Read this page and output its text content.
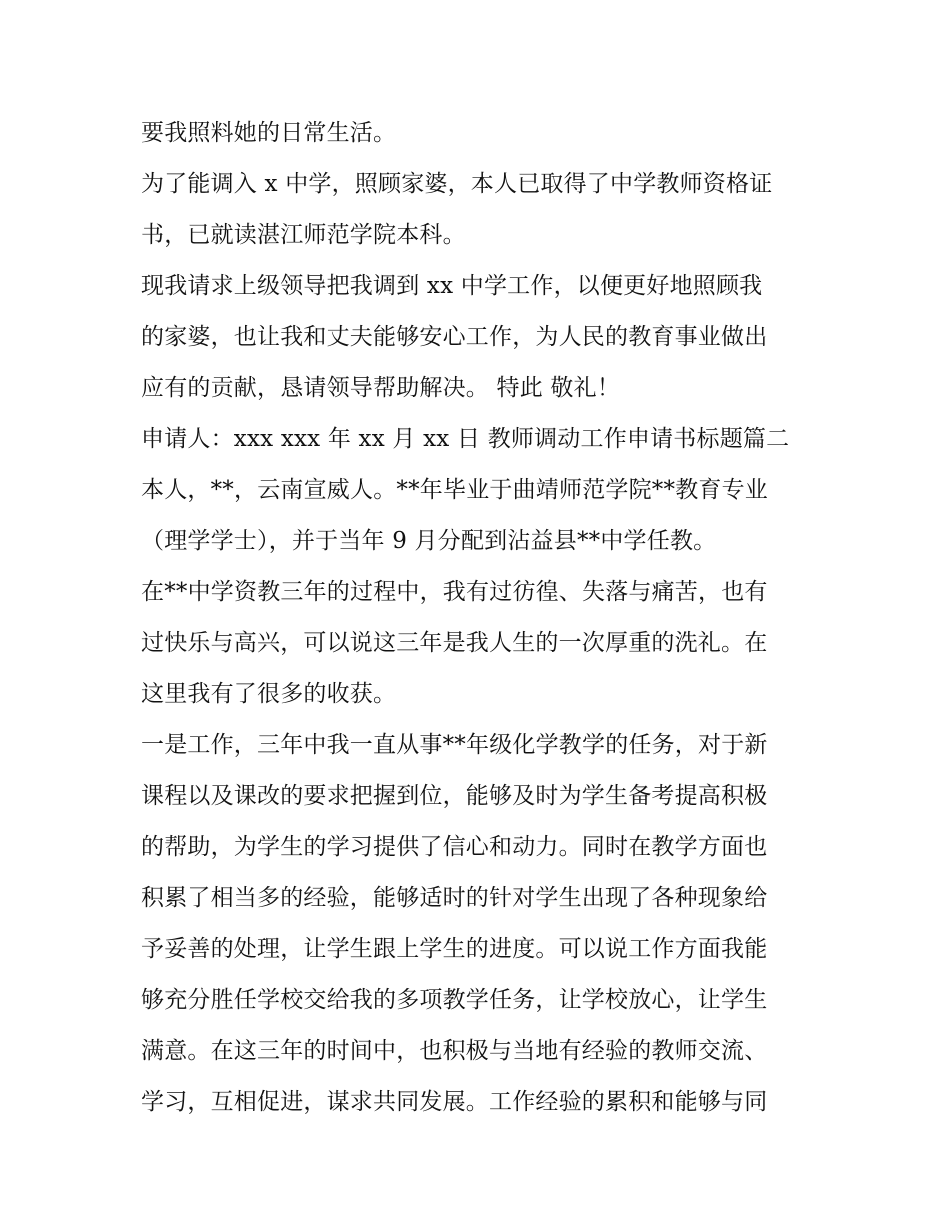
要我照料她的日常生活。
为了能调入 x 中学，照顾家婆，本人已取得了中学教师资格证
书，已就读湛江师范学院本科。
现我请求上级领导把我调到 xx 中学工作，以便更好地照顾我
的家婆，也让我和丈夫能够安心工作，为人民的教育事业做出
应有的贡献，恳请领导帮助解决。 特此 敬礼！
申请人：xxx xxx 年 xx 月 xx 日 教师调动工作申请书标题篇二
本人，**，云南宣威人。**年毕业于曲靖师范学院**教育专业
（理学学士），并于当年 9 月分配到沾益县**中学任教。
在**中学资教三年的过程中，我有过彷徨、失落与痛苦，也有
过快乐与高兴，可以说这三年是我人生的一次厚重的洗礼。在
这里我有了很多的收获。
一是工作，三年中我一直从事**年级化学教学的任务，对于新
课程以及课改的要求把握到位，能够及时为学生备考提高积极
的帮助，为学生的学习提供了信心和动力。同时在教学方面也
积累了相当多的经验，能够适时的针对学生出现了各种现象给
予妥善的处理，让学生跟上学生的进度。可以说工作方面我能
够充分胜任学校交给我的多项教学任务，让学校放心，让学生
满意。在这三年的时间中，也积极与当地有经验的教师交流、
学习，互相促进，谋求共同发展。工作经验的累积和能够与同
